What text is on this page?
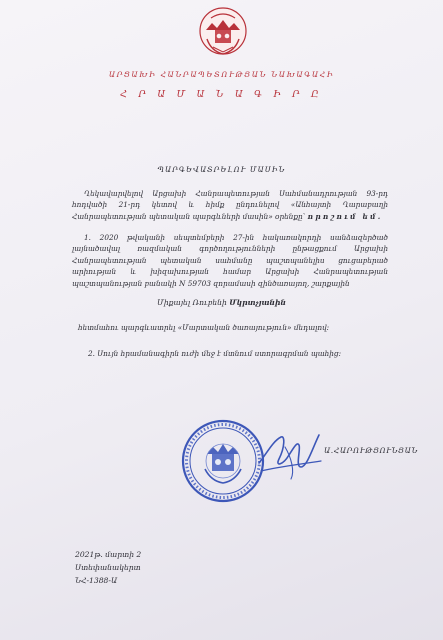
ԱՐՑԱԽԻ ՀԱՆՐԱՊԵՏՈՒԹՅԱՆ ՆԱԽԱԳԱՀԻ
Հ Ր Ա Մ Ա Ն Ա Գ Ի Ր Ը
ՊԱՐԳԵՎԱՏՐԵԼՈՒ ՄԱՍԻՆ
Ղեկավարվելով Արցախի Հանրապետության Սահմանադրության 93-րդ հոդվածի 21-րդ կետով և հիմք ընդունելով «Անհայտի Ղարաբաղի Հանրապետության պետական պարգևների մասին» օրենքը՝ որոշում եմ.
1. 2020 թվականի սեպտեմբերի 27-ին հակառակորդի սանձազերծած լայնածավալ ռազմական գործողությունների ընթացքում Արցախի Հանրապետության պետական սահմանը պաշտպանելիս ցուցաբերած արիության և խիզախության համար Արցախի Հանրապետության պաշտպանության բանակի N 59703 զորամասի զինծառայող, շարքային
Միքայել Ռուբենի Մկրտչյանին
հետմահու պարգևատրել «Մարտական ծառայություն» մեդալով:
2. Սույն հրամանագիրն ուժի մեջ է մտնում ստորագրման պահից:
Ա.ՀԱՐՈՒԹՅՈՒՆՅԱՆ
2021թ. մարտի 2
Ստեփանակերտ
ՆՀ-1388-Ա
